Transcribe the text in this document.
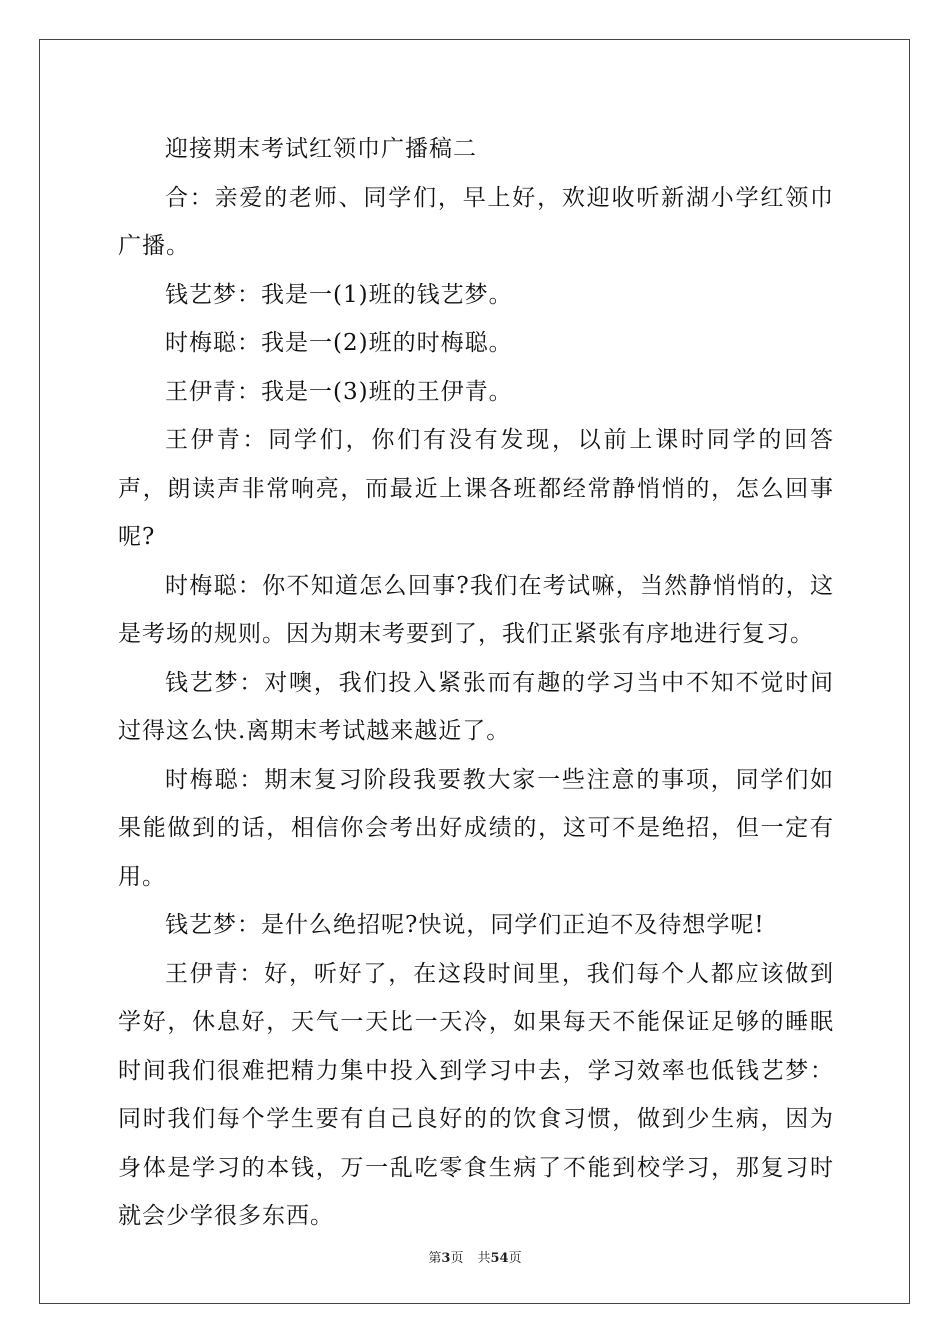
迎接期末考试红领巾广播稿二

合：亲爱的老师、同学们，早上好，欢迎收听新湖小学红领巾广播。

钱艺梦：我是一(1)班的钱艺梦。

时梅聪：我是一(2)班的时梅聪。

王伊青：我是一(3)班的王伊青。

王伊青：同学们，你们有没有发现，以前上课时同学的回答声，朗读声非常响亮，而最近上课各班都经常静悄悄的，怎么回事呢?

时梅聪：你不知道怎么回事?我们在考试嘛，当然静悄悄的，这是考场的规则。因为期末考要到了，我们正紧张有序地进行复习。

钱艺梦：对噢，我们投入紧张而有趣的学习当中不知不觉时间过得这么快.离期末考试越来越近了。

时梅聪：期末复习阶段我要教大家一些注意的事项，同学们如果能做到的话，相信你会考出好成绩的，这可不是绝招，但一定有用。

钱艺梦：是什么绝招呢?快说，同学们正迫不及待想学呢!

王伊青：好，听好了，在这段时间里，我们每个人都应该做到学好，休息好，天气一天比一天冷，如果每天不能保证足够的睡眠时间我们很难把精力集中投入到学习中去，学习效率也低钱艺梦：同时我们每个学生要有自己良好的的饮食习惯，做到少生病，因为身体是学习的本钱，万一乱吃零食生病了不能到校学习，那复习时就会少学很多东西。

第3页 共54页
